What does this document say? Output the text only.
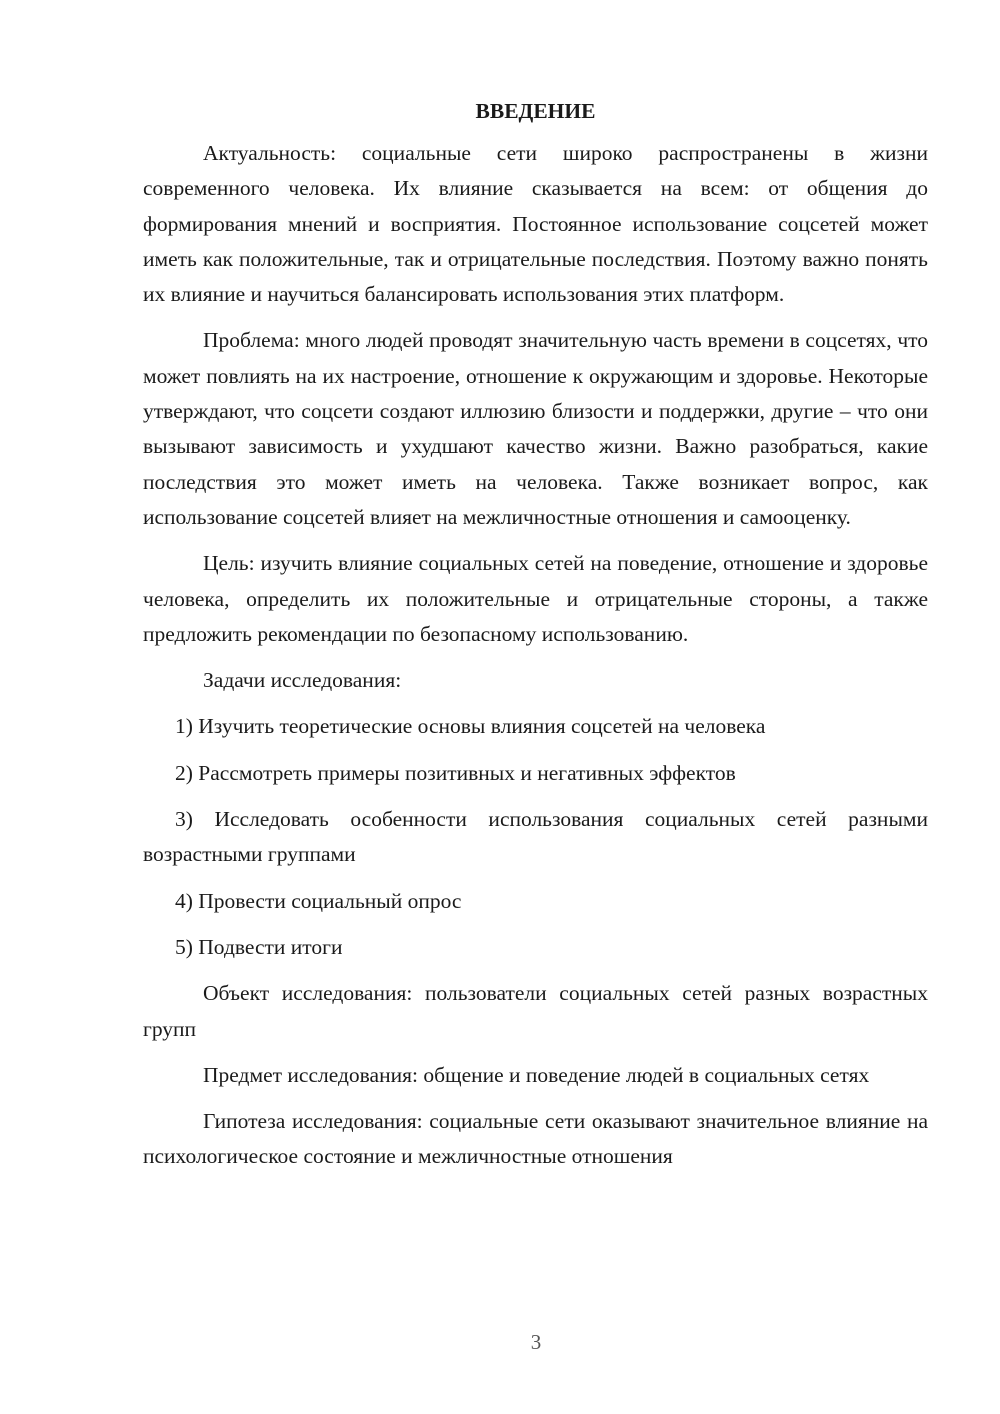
ВВЕДЕНИЕ
Актуальность: социальные сети широко распространены в жизни современного человека. Их влияние сказывается на всем: от общения до формирования мнений и восприятия. Постоянное использование соцсетей может иметь как положительные, так и отрицательные последствия. Поэтому важно понять их влияние и научиться балансировать использования этих платформ.
Проблема: много людей проводят значительную часть времени в соцсетях, что может повлиять на их настроение, отношение к окружающим и здоровье. Некоторые утверждают, что соцсети создают иллюзию близости и поддержки, другие – что они вызывают зависимость и ухудшают качество жизни. Важно разобраться, какие последствия это может иметь на человека. Также возникает вопрос, как использование соцсетей влияет на межличностные отношения и самооценку.
Цель: изучить влияние социальных сетей на поведение, отношение и здоровье человека, определить их положительные и отрицательные стороны, а также предложить рекомендации по безопасному использованию.
Задачи исследования:
1) Изучить теоретические основы влияния соцсетей на человека
2) Рассмотреть примеры позитивных и негативных эффектов
3) Исследовать особенности использования социальных сетей разными возрастными группами
4) Провести социальный опрос
5) Подвести итоги
Объект исследования: пользователи социальных сетей разных возрастных групп
Предмет исследования: общение и поведение людей в социальных сетях
Гипотеза исследования: социальные сети оказывают значительное влияние на психологическое состояние и межличностные отношения
3
